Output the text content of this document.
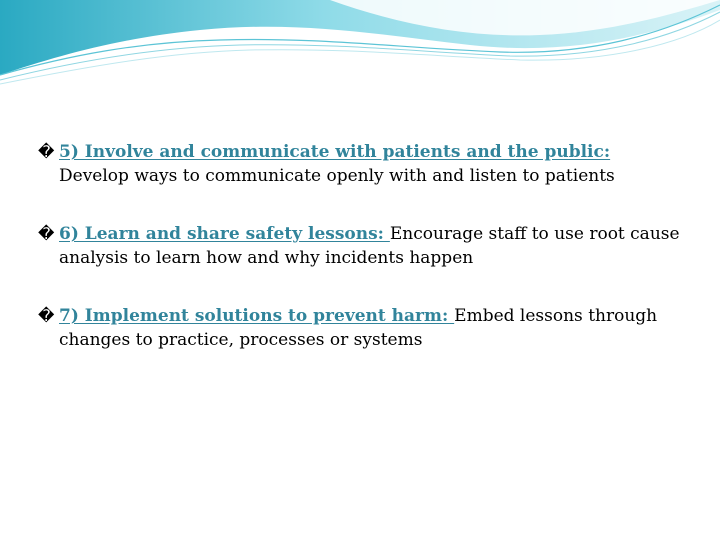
� 5) Involve and communicate with patients and the public:
Develop ways to communicate openly with and listen to patients
� 6) Learn and share safety lessons: Encourage staff to use root cause analysis to learn how and why incidents happen
� 7) Implement solutions to prevent harm: Embed lessons through changes to practice, processes or systems
